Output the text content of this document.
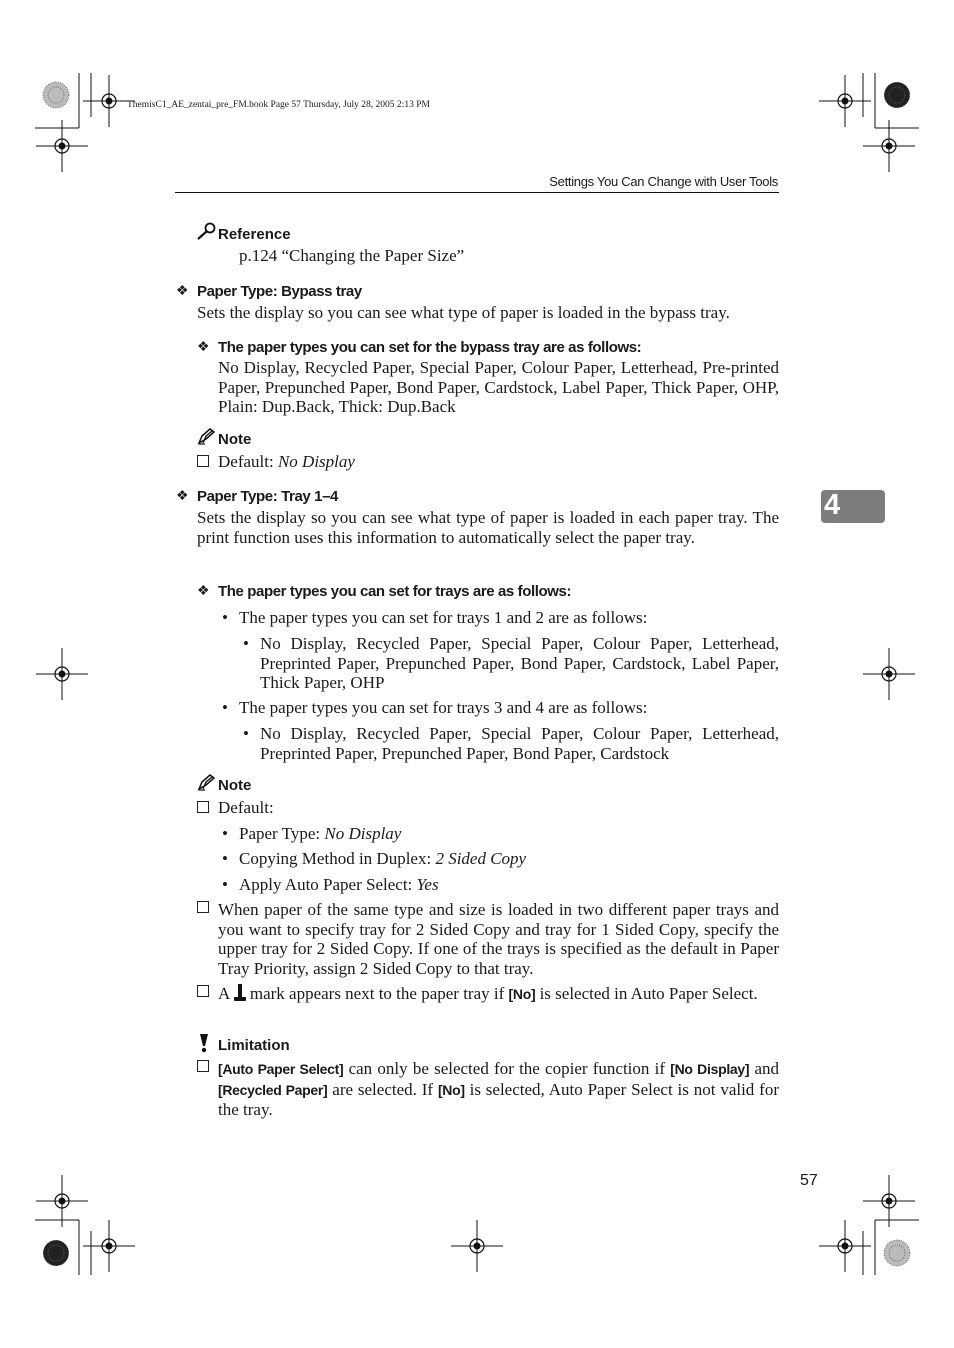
ThemisC1_AE_zentai_pre_FM.book Page 57 Thursday, July 28, 2005 2:13 PM
Settings You Can Change with User Tools
4
Reference
p.124 “Changing the Paper Size”
❖ Paper Type: Bypass tray
Sets the display so you can see what type of paper is loaded in the bypass tray.
❖ The paper types you can set for the bypass tray are as follows:
No Display, Recycled Paper, Special Paper, Colour Paper, Letterhead, Pre-printed Paper, Prepunched Paper, Bond Paper, Cardstock, Label Paper, Thick Paper, OHP, Plain: Dup.Back, Thick: Dup.Back
Note
Default: No Display
❖ Paper Type: Tray 1–4
Sets the display so you can see what type of paper is loaded in each paper tray. The print function uses this information to automatically select the paper tray.
❖ The paper types you can set for trays are as follows:
• The paper types you can set for trays 1 and 2 are as follows:
• No Display, Recycled Paper, Special Paper, Colour Paper, Letterhead, Preprinted Paper, Prepunched Paper, Bond Paper, Cardstock, Label Paper, Thick Paper, OHP
• The paper types you can set for trays 3 and 4 are as follows:
• No Display, Recycled Paper, Special Paper, Colour Paper, Letterhead, Preprinted Paper, Prepunched Paper, Bond Paper, Cardstock
Note
Default:
• Paper Type: No Display
• Copying Method in Duplex: 2 Sided Copy
• Apply Auto Paper Select: Yes
When paper of the same type and size is loaded in two different paper trays and you want to specify tray for 2 Sided Copy and tray for 1 Sided Copy, specify the upper tray for 2 Sided Copy. If one of the trays is specified as the default in Paper Tray Priority, assign 2 Sided Copy to that tray.
A  mark appears next to the paper tray if [No] is selected in Auto Paper Select.
Limitation
[Auto Paper Select] can only be selected for the copier function if [No Display] and [Recycled Paper] are selected. If [No] is selected, Auto Paper Select is not valid for the tray.
57
